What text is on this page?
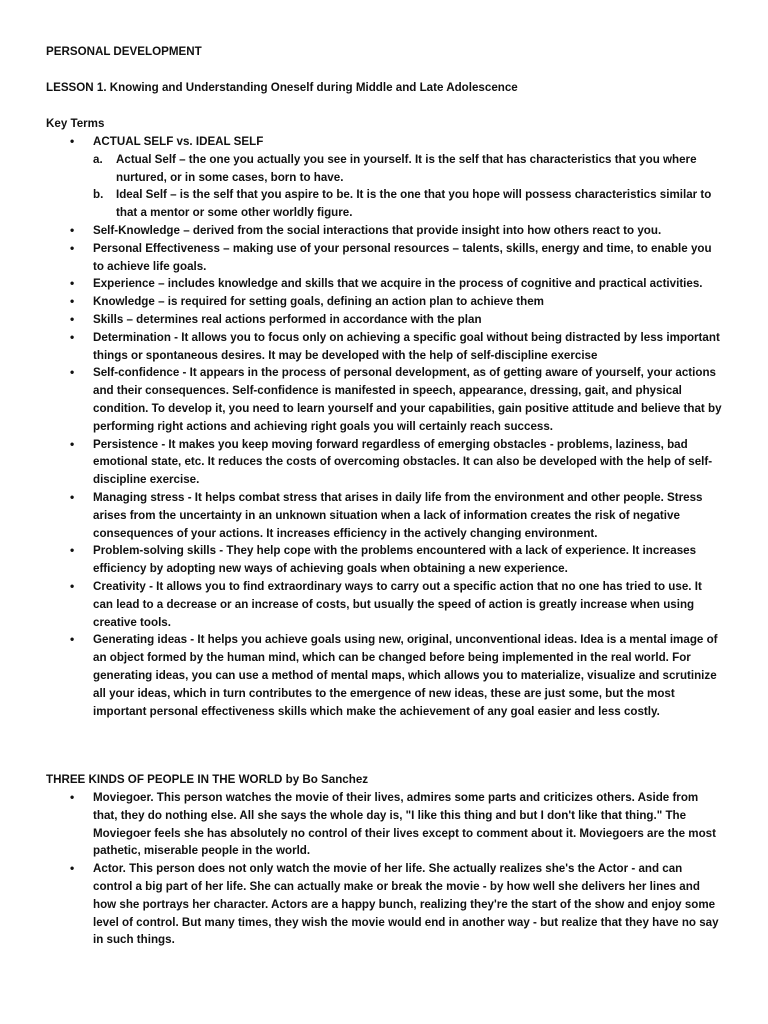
PERSONAL DEVELOPMENT
LESSON 1. Knowing and Understanding Oneself during Middle and Late Adolescence
Key Terms
• ACTUAL SELF vs. IDEAL SELF
a. Actual Self – the one you actually you see in yourself. It is the self that has characteristics that you where nurtured, or in some cases, born to have.
b. Ideal Self – is the self that you aspire to be. It is the one that you hope will possess characteristics similar to that a mentor or some other worldly figure.
• Self-Knowledge – derived from the social interactions that provide insight into how others react to you.
• Personal Effectiveness – making use of your personal resources – talents, skills, energy and time, to enable you to achieve life goals.
• Experience – includes knowledge and skills that we acquire in the process of cognitive and practical activities.
• Knowledge – is required for setting goals, defining an action plan to achieve them
• Skills – determines real actions performed in accordance with the plan
• Determination - It allows you to focus only on achieving a specific goal without being distracted by less important things or spontaneous desires. It may be developed with the help of self-discipline exercise
• Self-confidence - It appears in the process of personal development, as of getting aware of yourself, your actions and their consequences. Self-confidence is manifested in speech, appearance, dressing, gait, and physical condition. To develop it, you need to learn yourself and your capabilities, gain positive attitude and believe that by performing right actions and achieving right goals you will certainly reach success.
• Persistence - It makes you keep moving forward regardless of emerging obstacles - problems, laziness, bad emotional state, etc. It reduces the costs of overcoming obstacles. It can also be developed with the help of self- discipline exercise.
• Managing stress - It helps combat stress that arises in daily life from the environment and other people. Stress arises from the uncertainty in an unknown situation when a lack of information creates the risk of negative consequences of your actions. It increases efficiency in the actively changing environment.
• Problem-solving skills - They help cope with the problems encountered with a lack of experience. It increases efficiency by adopting new ways of achieving goals when obtaining a new experience.
• Creativity - It allows you to find extraordinary ways to carry out a specific action that no one has tried to use. It can lead to a decrease or an increase of costs, but usually the speed of action is greatly increase when using creative tools.
• Generating ideas - It helps you achieve goals using new, original, unconventional ideas. Idea is a mental image of an object formed by the human mind, which can be changed before being implemented in the real world. For generating ideas, you can use a method of mental maps, which allows you to materialize, visualize and scrutinize all your ideas, which in turn contributes to the emergence of new ideas, these are just some, but the most important personal effectiveness skills which make the achievement of any goal easier and less costly.
THREE KINDS OF PEOPLE IN THE WORLD by Bo Sanchez
• Moviegoer. This person watches the movie of their lives, admires some parts and criticizes others. Aside from that, they do nothing else. All she says the whole day is, "I like this thing and but I don't like that thing." The Moviegoer feels she has absolutely no control of their lives except to comment about it. Moviegoers are the most pathetic, miserable people in the world.
• Actor. This person does not only watch the movie of her life. She actually realizes she's the Actor - and can control a big part of her life. She can actually make or break the movie - by how well she delivers her lines and how she portrays her character. Actors are a happy bunch, realizing they're the start of the show and enjoy some level of control. But many times, they wish the movie would end in another way - but realize that they have no say in such things.
